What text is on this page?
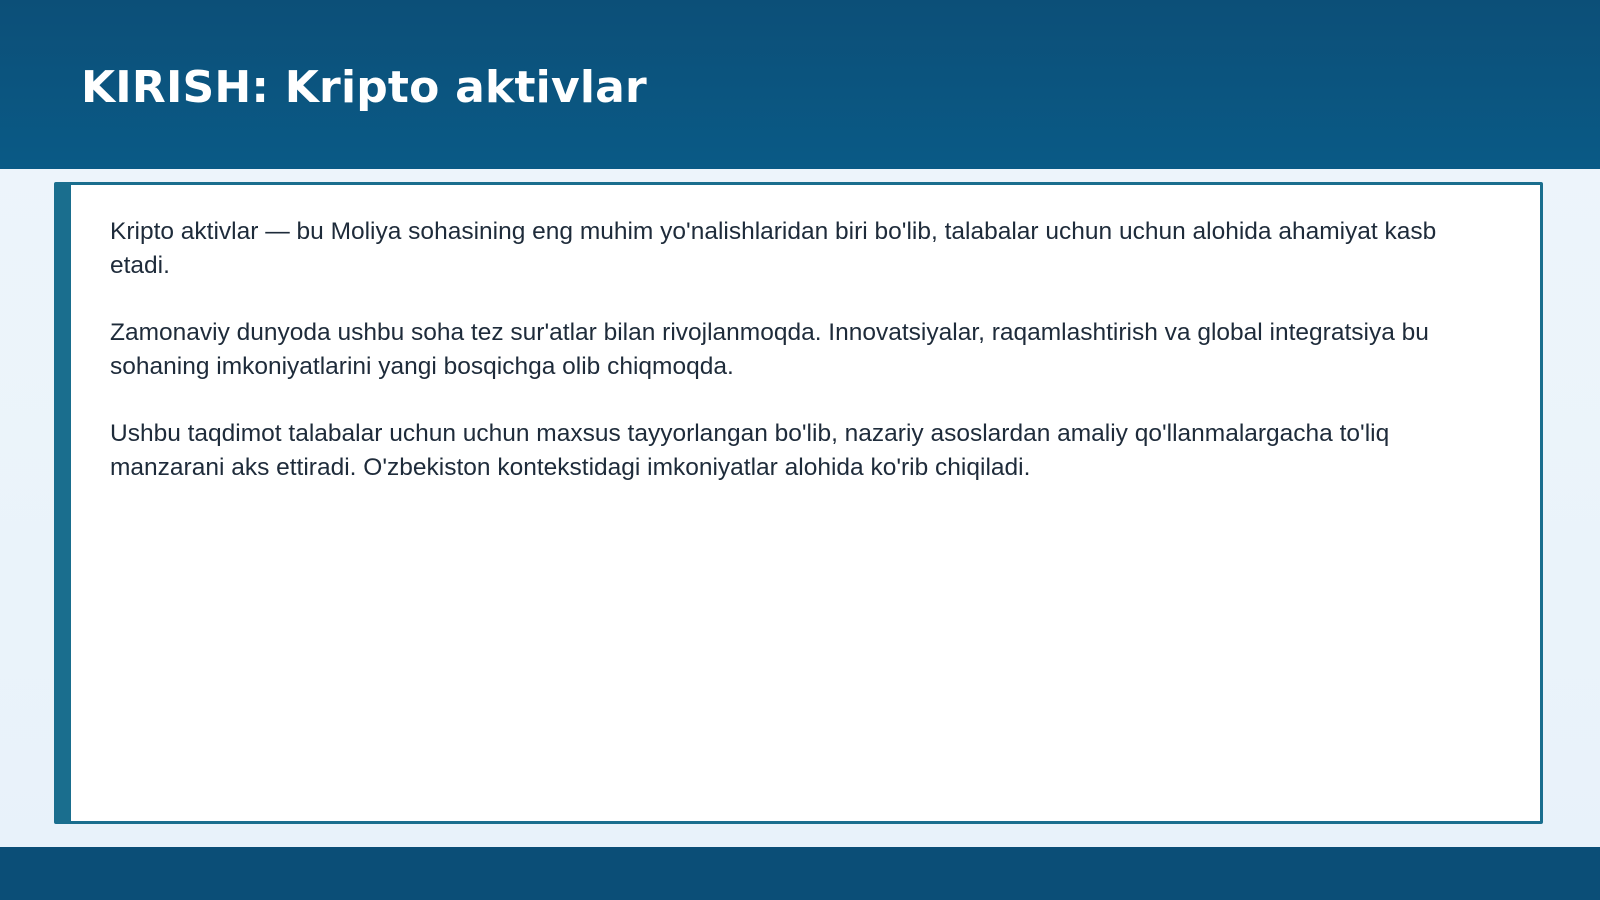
KIRISH: Kripto aktivlar

Kripto aktivlar — bu Moliya sohasining eng muhim yo'nalishlaridan biri bo'lib, talabalar uchun uchun alohida ahamiyat kasb etadi.

Zamonaviy dunyoda ushbu soha tez sur'atlar bilan rivojlanmoqda. Innovatsiyalar, raqamlashtirish va global integratsiya bu sohaning imkoniyatlarini yangi bosqichga olib chiqmoqda.

Ushbu taqdimot talabalar uchun uchun maxsus tayyorlangan bo'lib, nazariy asoslardan amaliy qo'llanmalargacha to'liq manzarani aks ettiradi. O'zbekiston kontekstidagi imkoniyatlar alohida ko'rib chiqiladi.
